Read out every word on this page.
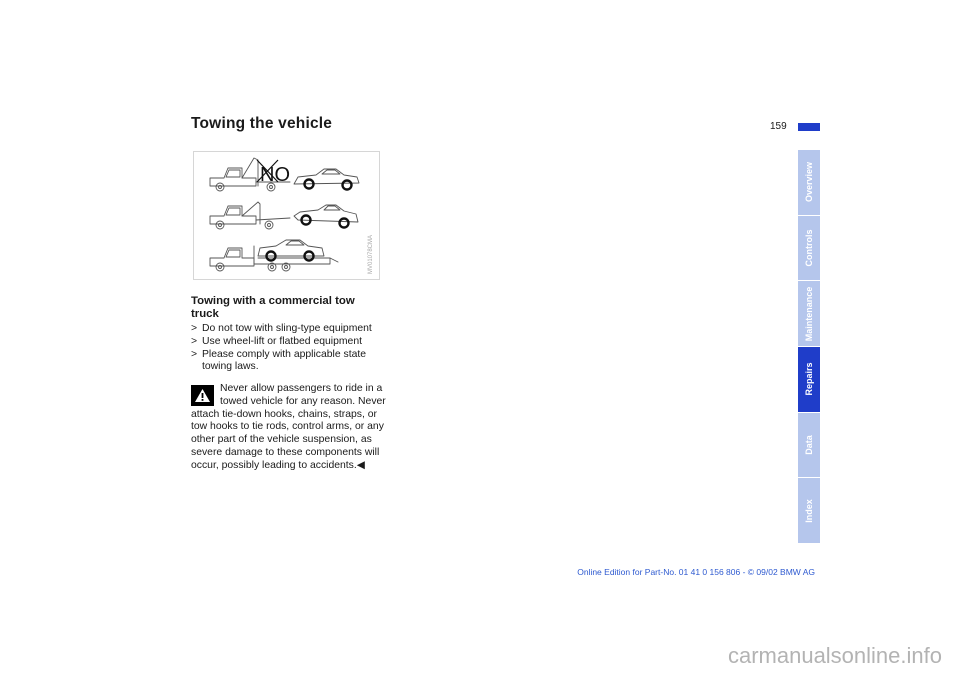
Towing the vehicle	159
NO
MV01078CMA
Towing with a commercial tow truck
> Do not tow with sling-type equipment
> Use wheel-lift or flatbed equipment
> Please comply with applicable state towing laws.

Never allow passengers to ride in a towed vehicle for any reason. Never attach tie-down hooks, chains, straps, or tow hooks to tie rods, control arms, or any other part of the vehicle suspension, as severe damage to these components will occur, possibly leading to accidents.◀

Overview
Controls
Maintenance
Repairs
Data
Index
Online Edition for Part-No. 01 41 0 156 806 - © 09/02 BMW AG
carmanualsonline.info
